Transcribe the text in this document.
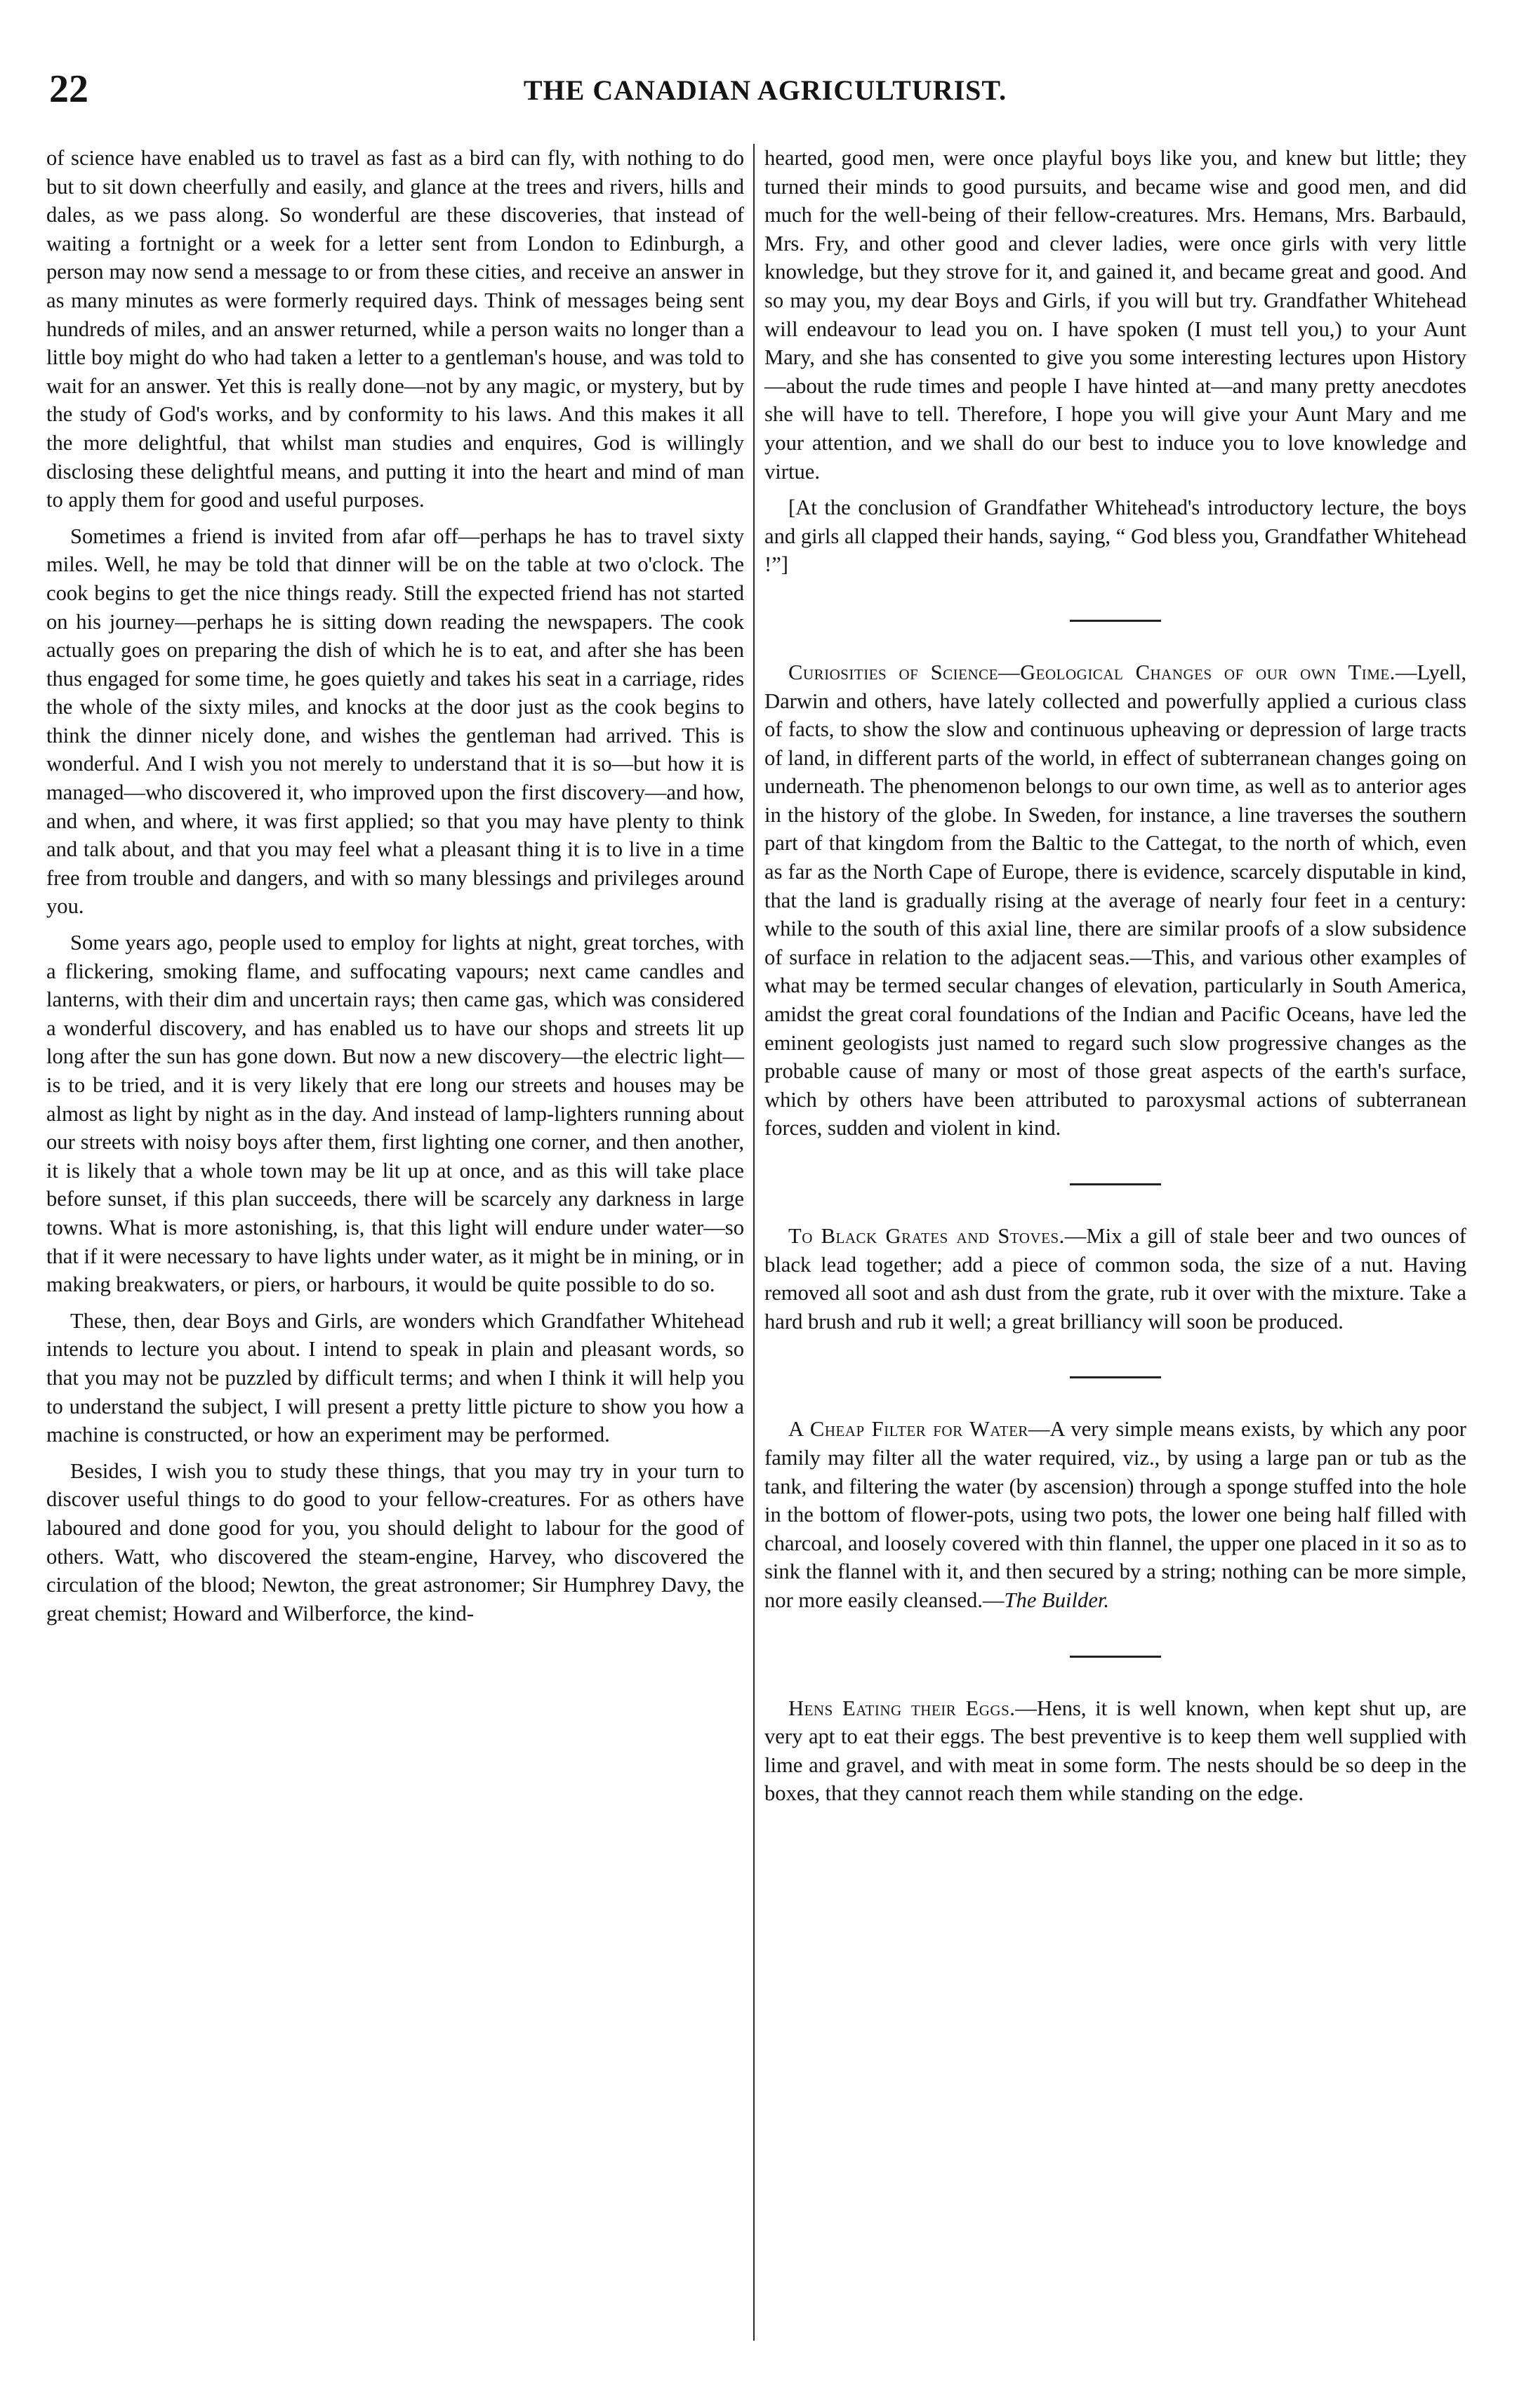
22	THE CANADIAN AGRICULTURIST.

of science have enabled us to travel as fast as a bird can fly, with nothing to do but to sit down cheerfully and easily, and glance at the trees and rivers, hills and dales, as we pass along. So wonderful are these discoveries, that instead of waiting a fortnight or a week for a letter sent from London to Edinburgh, a person may now send a message to or from these cities, and receive an answer in as many minutes as were formerly required days. Think of messages being sent hundreds of miles, and an answer returned, while a person waits no longer than a little boy might do who had taken a letter to a gentleman's house, and was told to wait for an answer. Yet this is really done—not by any magic, or mystery, but by the study of God's works, and by conformity to his laws. And this makes it all the more delightful, that whilst man studies and enquires, God is willingly disclosing these delightful means, and putting it into the heart and mind of man to apply them for good and useful purposes.

Sometimes a friend is invited from afar off—perhaps he has to travel sixty miles. Well, he may be told that dinner will be on the table at two o'clock. The cook begins to get the nice things ready. Still the expected friend has not started on his journey—perhaps he is sitting down reading the newspapers. The cook actually goes on preparing the dish of which he is to eat, and after she has been thus engaged for some time, he goes quietly and takes his seat in a carriage, rides the whole of the sixty miles, and knocks at the door just as the cook begins to think the dinner nicely done, and wishes the gentleman had arrived. This is wonderful. And I wish you not merely to understand that it is so—but how it is managed—who discovered it, who improved upon the first discovery—and how, and when, and where, it was first applied; so that you may have plenty to think and talk about, and that you may feel what a pleasant thing it is to live in a time free from trouble and dangers, and with so many blessings and privileges around you.

Some years ago, people used to employ for lights at night, great torches, with a flickering, smoking flame, and suffocating vapours; next came candles and lanterns, with their dim and uncertain rays; then came gas, which was considered a wonderful discovery, and has enabled us to have our shops and streets lit up long after the sun has gone down. But now a new discovery—the electric light—is to be tried, and it is very likely that ere long our streets and houses may be almost as light by night as in the day. And instead of lamp-lighters running about our streets with noisy boys after them, first lighting one corner, and then another, it is likely that a whole town may be lit up at once, and as this will take place before sunset, if this plan succeeds, there will be scarcely any darkness in large towns. What is more astonishing, is, that this light will endure under water—so that if it were necessary to have lights under water, as it might be in mining, or in making breakwaters, or piers, or harbours, it would be quite possible to do so.

These, then, dear Boys and Girls, are wonders which Grandfather Whitehead intends to lecture you about. I intend to speak in plain and pleasant words, so that you may not be puzzled by difficult terms; and when I think it will help you to understand the subject, I will present a pretty little picture to show you how a machine is constructed, or how an experiment may be performed.

Besides, I wish you to study these things, that you may try in your turn to discover useful things to do good to your fellow-creatures. For as others have laboured and done good for you, you should delight to labour for the good of others. Watt, who discovered the steam-engine, Harvey, who discovered the circulation of the blood; Newton, the great astronomer; Sir Humphrey Davy, the great chemist; Howard and Wilberforce, the kind-

hearted, good men, were once playful boys like you, and knew but little; they turned their minds to good pursuits, and became wise and good men, and did much for the well-being of their fellow-creatures. Mrs. Hemans, Mrs. Barbauld, Mrs. Fry, and other good and clever ladies, were once girls with very little knowledge, but they strove for it, and gained it, and became great and good. And so may you, my dear Boys and Girls, if you will but try. Grandfather Whitehead will endeavour to lead you on. I have spoken (I must tell you,) to your Aunt Mary, and she has consented to give you some interesting lectures upon History—about the rude times and people I have hinted at—and many pretty anecdotes she will have to tell. Therefore, I hope you will give your Aunt Mary and me your attention, and we shall do our best to induce you to love knowledge and virtue.

[At the conclusion of Grandfather Whitehead's introductory lecture, the boys and girls all clapped their hands, saying, “ God bless you, Grandfather Whitehead !”]

Curiosities of Science—Geological Changes of our own Time.—Lyell, Darwin and others, have lately collected and powerfully applied a curious class of facts, to show the slow and continuous upheaving or depression of large tracts of land, in different parts of the world, in effect of subterranean changes going on underneath. The phenomenon belongs to our own time, as well as to anterior ages in the history of the globe. In Sweden, for instance, a line traverses the southern part of that kingdom from the Baltic to the Cattegat, to the north of which, even as far as the North Cape of Europe, there is evidence, scarcely disputable in kind, that the land is gradually rising at the average of nearly four feet in a century: while to the south of this axial line, there are similar proofs of a slow subsidence of surface in relation to the adjacent seas.—This, and various other examples of what may be termed secular changes of elevation, particularly in South America, amidst the great coral foundations of the Indian and Pacific Oceans, have led the eminent geologists just named to regard such slow progressive changes as the probable cause of many or most of those great aspects of the earth's surface, which by others have been attributed to paroxysmal actions of subterranean forces, sudden and violent in kind.

To Black Grates and Stoves.—Mix a gill of stale beer and two ounces of black lead together; add a piece of common soda, the size of a nut. Having removed all soot and ash dust from the grate, rub it over with the mixture. Take a hard brush and rub it well; a great brilliancy will soon be produced.

A Cheap Filter for Water—A very simple means exists, by which any poor family may filter all the water required, viz., by using a large pan or tub as the tank, and filtering the water (by ascension) through a sponge stuffed into the hole in the bottom of flower-pots, using two pots, the lower one being half filled with charcoal, and loosely covered with thin flannel, the upper one placed in it so as to sink the flannel with it, and then secured by a string; nothing can be more simple, nor more easily cleansed.—The Builder.

Hens Eating their Eggs.—Hens, it is well known, when kept shut up, are very apt to eat their eggs. The best preventive is to keep them well supplied with lime and gravel, and with meat in some form. The nests should be so deep in the boxes, that they cannot reach them while standing on the edge.
